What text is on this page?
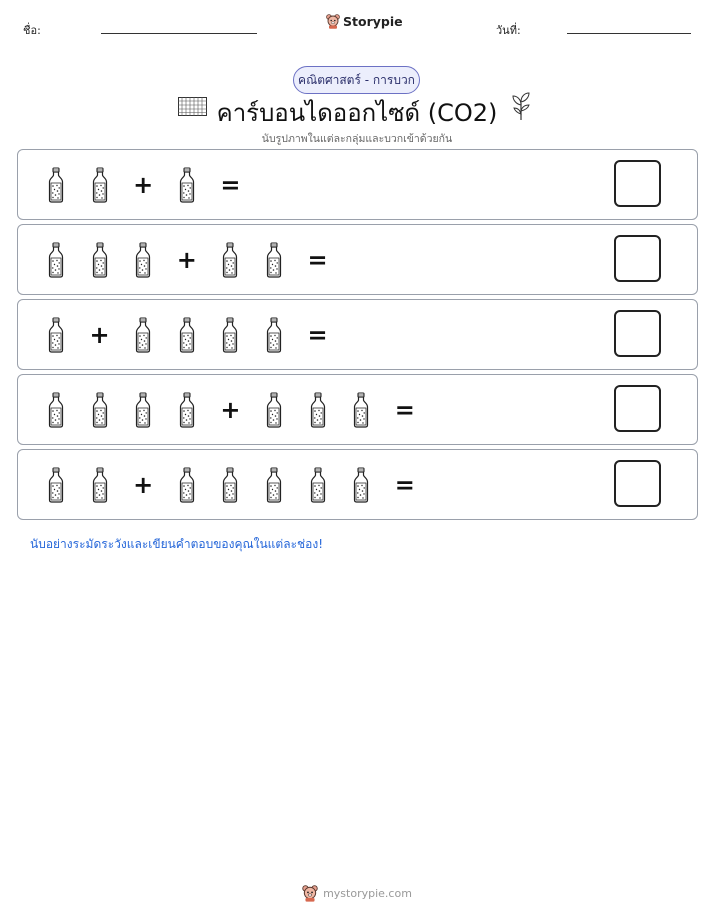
ชื่อ:
Storypie
วันที่:
คณิตศาสตร์ - การบวก
คาร์บอนไดออกไซด์ (CO2)
นับรูปภาพในแต่ละกลุ่มและบวกเข้าด้วยกัน
+	=
+	=
+	=
+	=
+	=
นับอย่างระมัดระวังและเขียนคำตอบของคุณในแต่ละช่อง!
mystorypie.com
